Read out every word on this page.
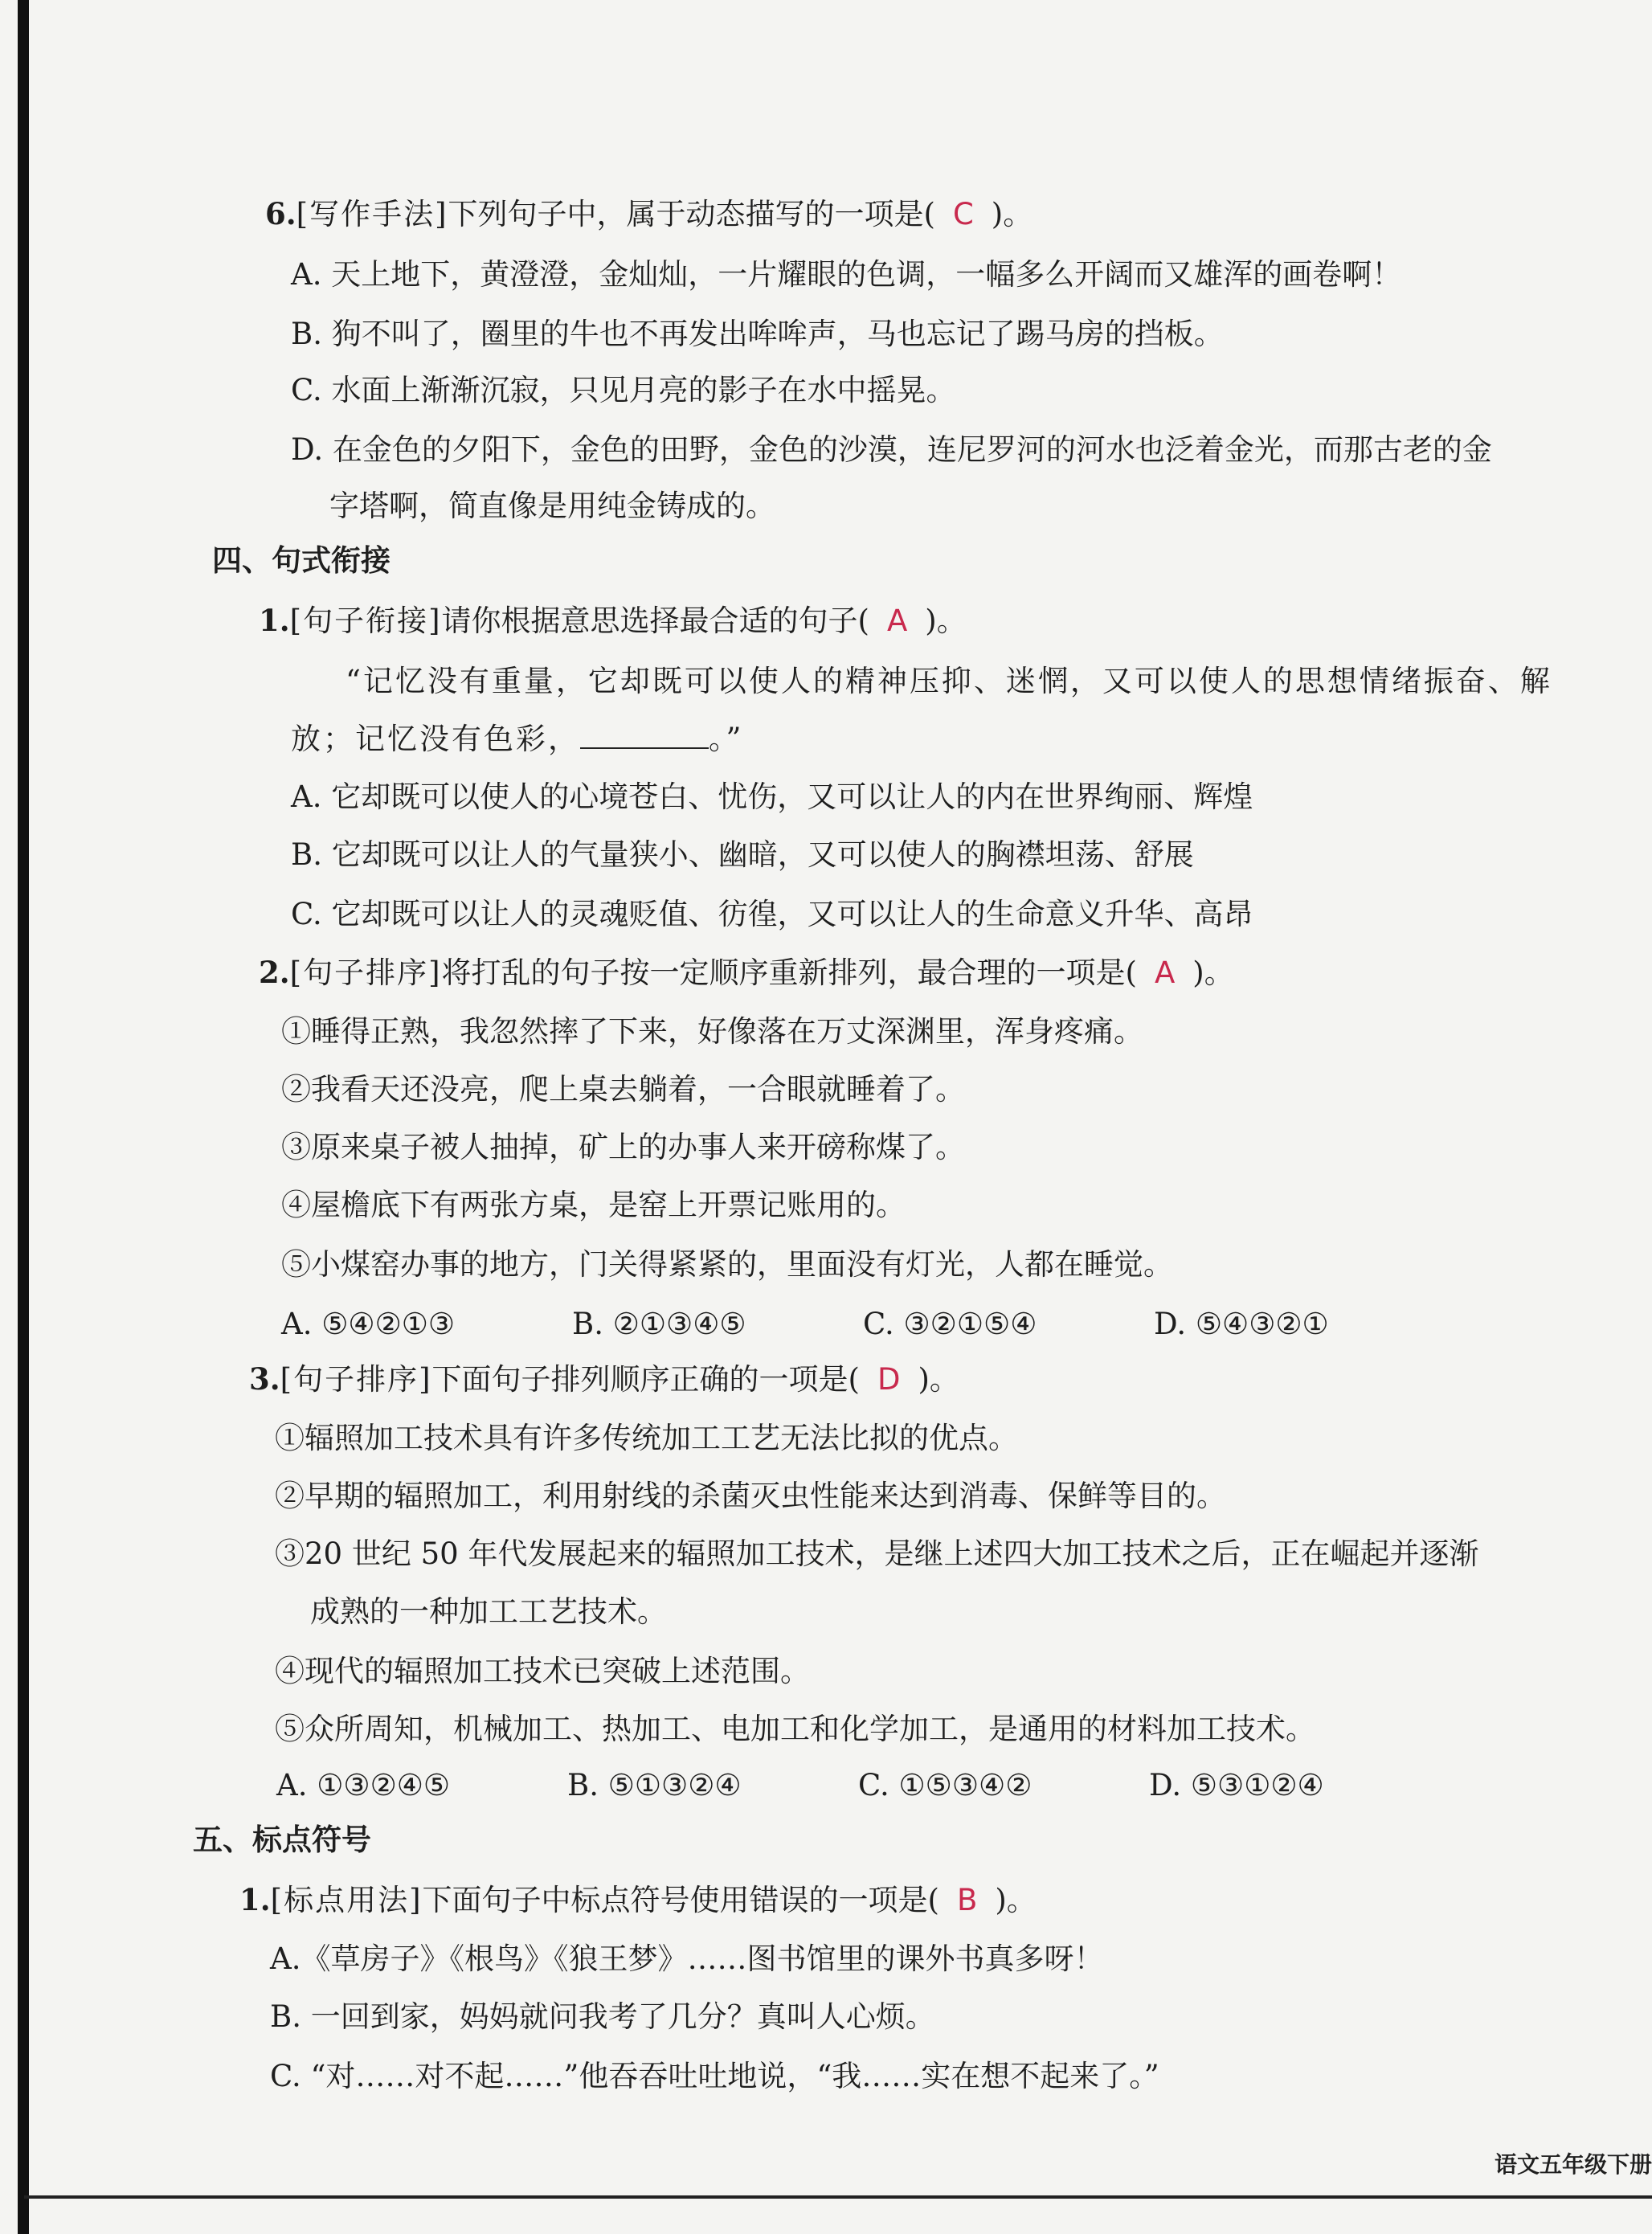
6.[写作手法]下列句子中，属于动态描写的一项是( C )。
A. 天上地下，黄澄澄，金灿灿，一片耀眼的色调，一幅多么开阔而又雄浑的画卷啊！
B. 狗不叫了，圈里的牛也不再发出哞哞声，马也忘记了踢马房的挡板。
C. 水面上渐渐沉寂，只见月亮的影子在水中摇晃。
D. 在金色的夕阳下，金色的田野，金色的沙漠，连尼罗河的河水也泛着金光，而那古老的金
字塔啊，简直像是用纯金铸成的。
四、句式衔接
1.[句子衔接]请你根据意思选择最合适的句子( A )。
“记忆没有重量，它却既可以使人的精神压抑、迷惘，又可以使人的思想情绪振奋、解
放；记忆没有色彩，	。”
A. 它却既可以使人的心境苍白、忧伤，又可以让人的内在世界绚丽、辉煌
B. 它却既可以让人的气量狭小、幽暗，又可以使人的胸襟坦荡、舒展
C. 它却既可以让人的灵魂贬值、彷徨，又可以让人的生命意义升华、高昂
2.[句子排序]将打乱的句子按一定顺序重新排列，最合理的一项是( A )。
①睡得正熟，我忽然摔了下来，好像落在万丈深渊里，浑身疼痛。
②我看天还没亮，爬上桌去躺着，一合眼就睡着了。
③原来桌子被人抽掉，矿上的办事人来开磅称煤了。
④屋檐底下有两张方桌，是窑上开票记账用的。
⑤小煤窑办事的地方，门关得紧紧的，里面没有灯光，人都在睡觉。
A. ⑤④②①③	B. ②①③④⑤	C. ③②①⑤④	D. ⑤④③②①
3.[句子排序]下面句子排列顺序正确的一项是( D )。
①辐照加工技术具有许多传统加工工艺无法比拟的优点。
②早期的辐照加工，利用射线的杀菌灭虫性能来达到消毒、保鲜等目的。
③20 世纪 50 年代发展起来的辐照加工技术，是继上述四大加工技术之后，正在崛起并逐渐
成熟的一种加工工艺技术。
④现代的辐照加工技术已突破上述范围。
⑤众所周知，机械加工、热加工、电加工和化学加工，是通用的材料加工技术。
A. ①③②④⑤	B. ⑤①③②④	C. ①⑤③④②	D. ⑤③①②④
五、标点符号
1.[标点用法]下面句子中标点符号使用错误的一项是( B )。
A.《草房子》《根鸟》《狼王梦》……图书馆里的课外书真多呀！
B. 一回到家，妈妈就问我考了几分？真叫人心烦。
C. “对……对不起……”他吞吞吐吐地说，“我……实在想不起来了。”
语文五年级下册
